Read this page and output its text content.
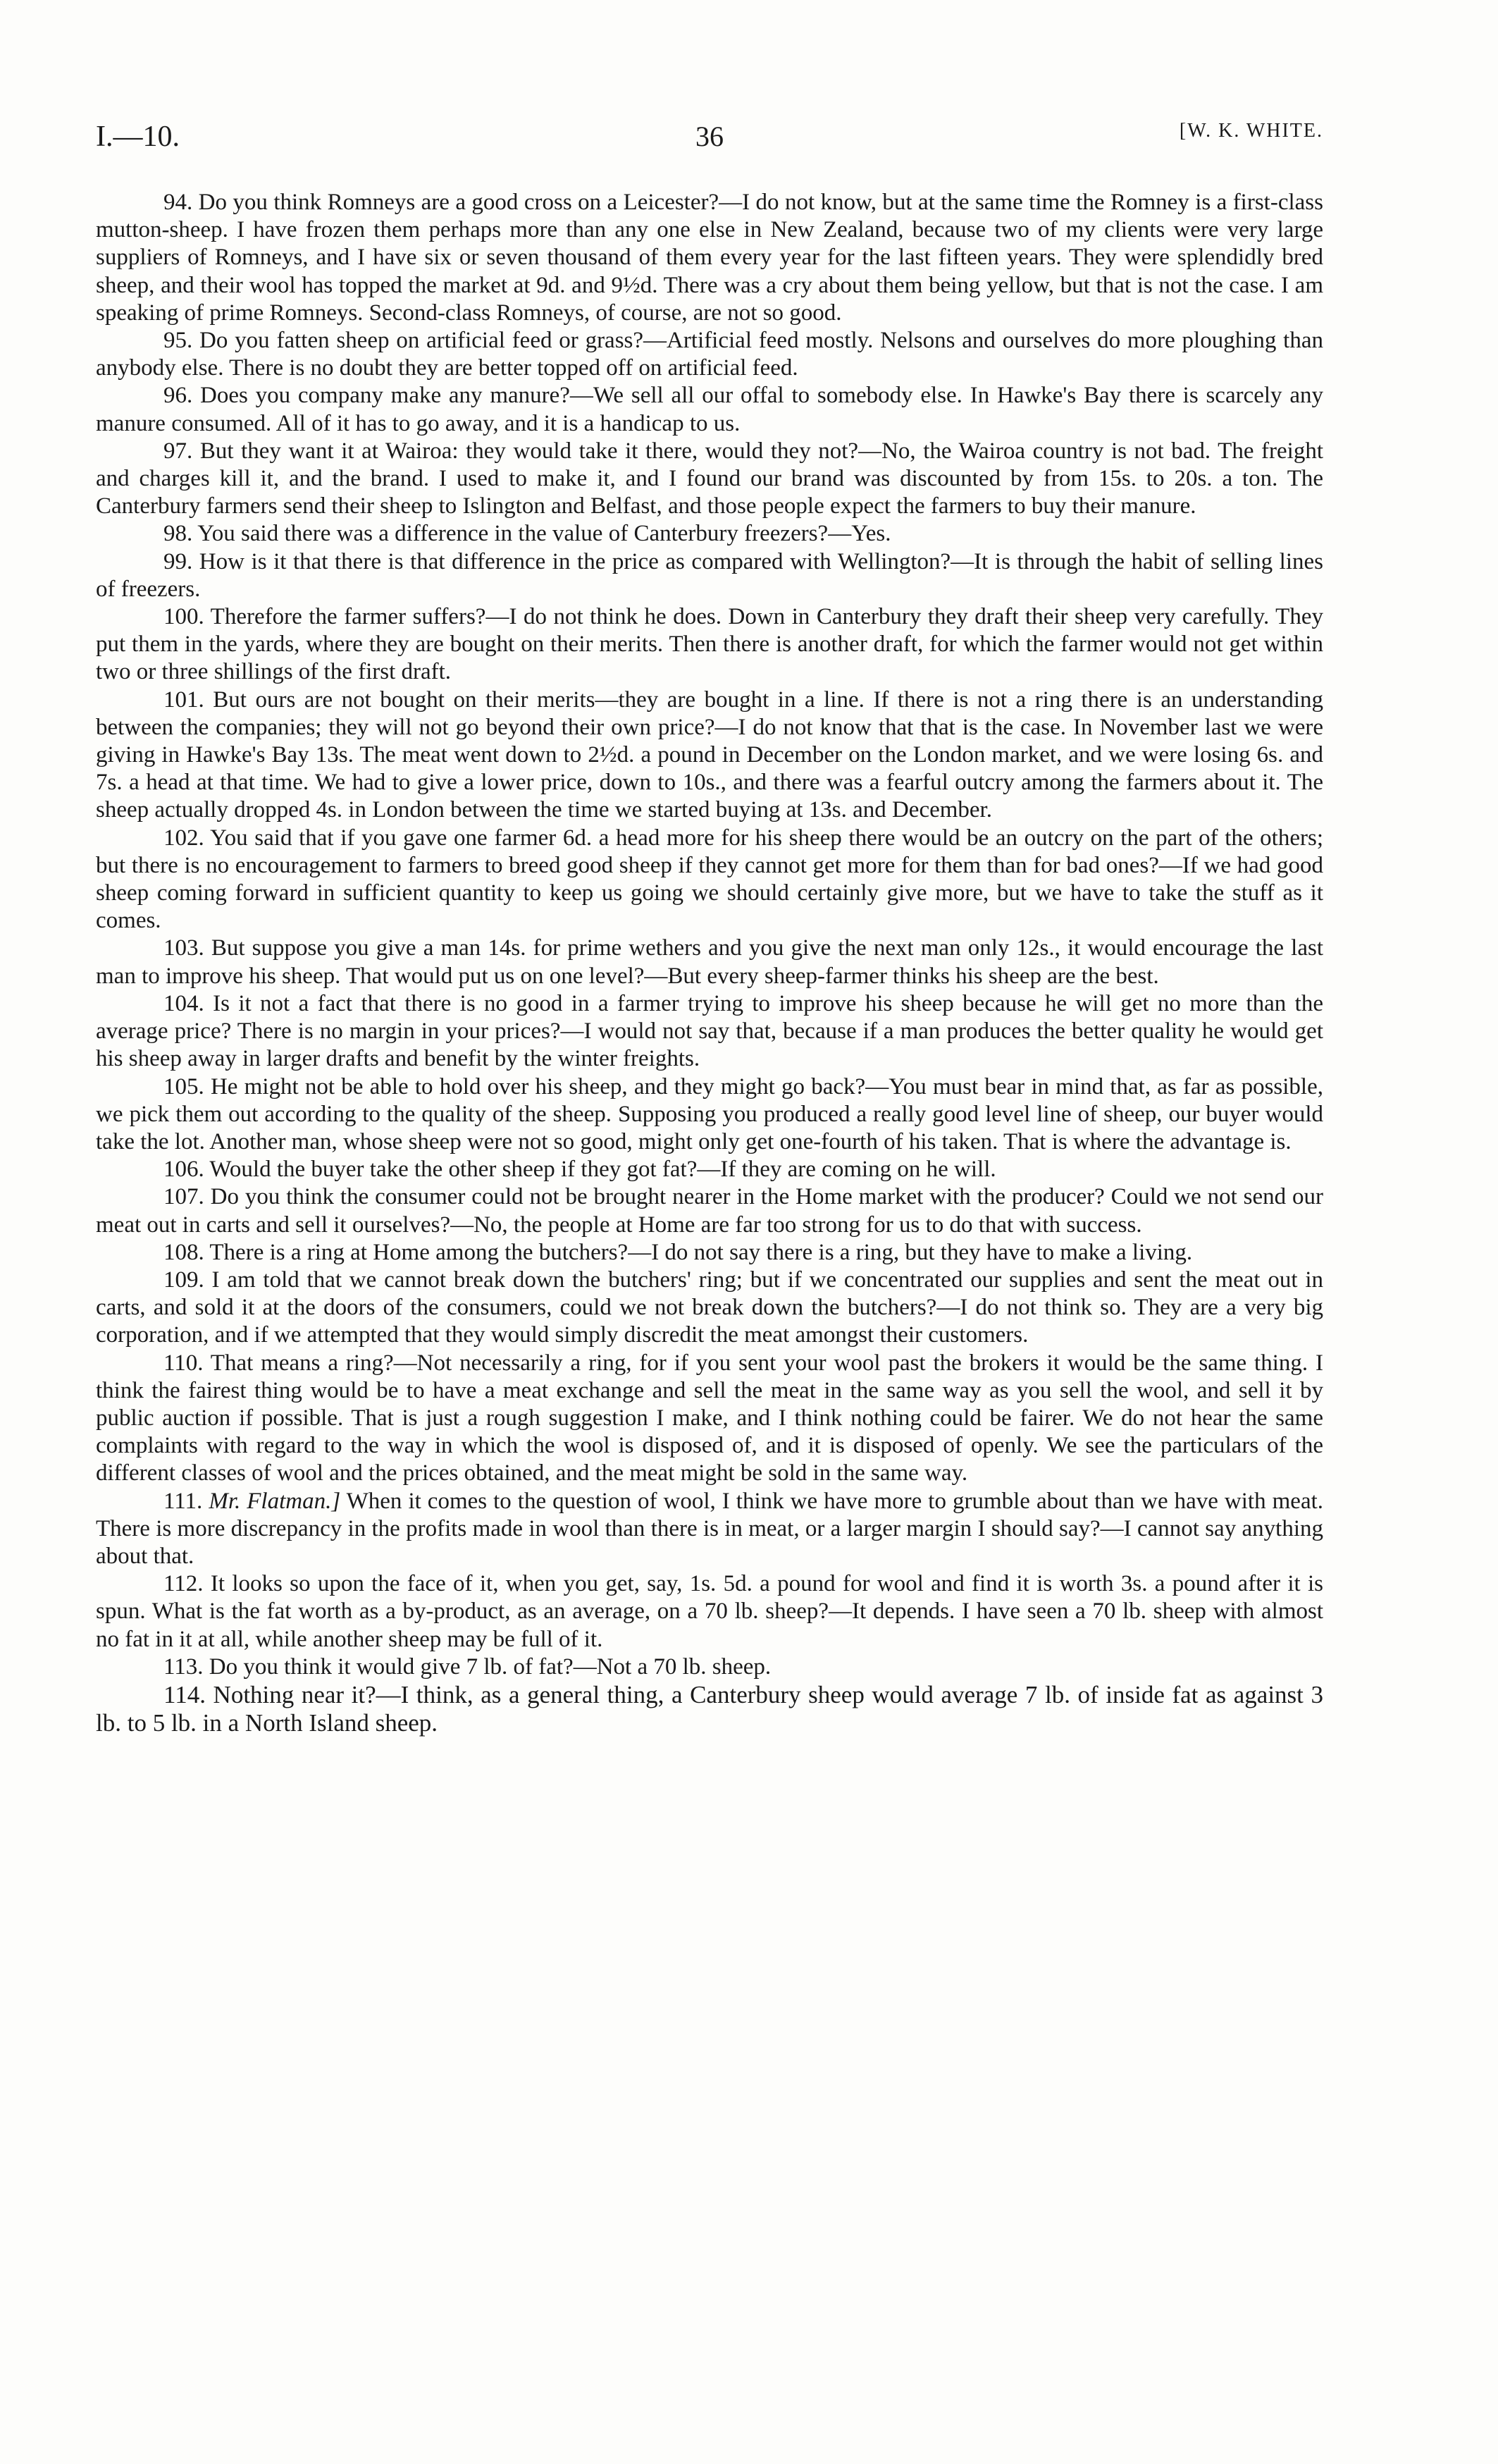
I.—10.	36	[W. K. WHITE.

94. Do you think Romneys are a good cross on a Leicester?—I do not know, but at the same time the Romney is a first-class mutton-sheep. I have frozen them perhaps more than any one else in New Zealand, because two of my clients were very large suppliers of Romneys, and I have six or seven thousand of them every year for the last fifteen years. They were splendidly bred sheep, and their wool has topped the market at 9d. and 9½d. There was a cry about them being yellow, but that is not the case. I am speaking of prime Romneys. Second-class Romneys, of course, are not so good.

95. Do you fatten sheep on artificial feed or grass?—Artificial feed mostly. Nelsons and ourselves do more ploughing than anybody else. There is no doubt they are better topped off on artificial feed.

96. Does you company make any manure?—We sell all our offal to somebody else. In Hawke's Bay there is scarcely any manure consumed. All of it has to go away, and it is a handicap to us.

97. But they want it at Wairoa: they would take it there, would they not?—No, the Wairoa country is not bad. The freight and charges kill it, and the brand. I used to make it, and I found our brand was discounted by from 15s. to 20s. a ton. The Canterbury farmers send their sheep to Islington and Belfast, and those people expect the farmers to buy their manure.

98. You said there was a difference in the value of Canterbury freezers?—Yes.

99. How is it that there is that difference in the price as compared with Wellington?—It is through the habit of selling lines of freezers.

100. Therefore the farmer suffers?—I do not think he does. Down in Canterbury they draft their sheep very carefully. They put them in the yards, where they are bought on their merits. Then there is another draft, for which the farmer would not get within two or three shillings of the first draft.

101. But ours are not bought on their merits—they are bought in a line. If there is not a ring there is an understanding between the companies; they will not go beyond their own price?—I do not know that that is the case. In November last we were giving in Hawke's Bay 13s. The meat went down to 2½d. a pound in December on the London market, and we were losing 6s. and 7s. a head at that time. We had to give a lower price, down to 10s., and there was a fearful outcry among the farmers about it. The sheep actually dropped 4s. in London between the time we started buying at 13s. and December.

102. You said that if you gave one farmer 6d. a head more for his sheep there would be an outcry on the part of the others; but there is no encouragement to farmers to breed good sheep if they cannot get more for them than for bad ones?—If we had good sheep coming forward in sufficient quantity to keep us going we should certainly give more, but we have to take the stuff as it comes.

103. But suppose you give a man 14s. for prime wethers and you give the next man only 12s., it would encourage the last man to improve his sheep. That would put us on one level?—But every sheep-farmer thinks his sheep are the best.

104. Is it not a fact that there is no good in a farmer trying to improve his sheep because he will get no more than the average price? There is no margin in your prices?—I would not say that, because if a man produces the better quality he would get his sheep away in larger drafts and benefit by the winter freights.

105. He might not be able to hold over his sheep, and they might go back?—You must bear in mind that, as far as possible, we pick them out according to the quality of the sheep. Supposing you produced a really good level line of sheep, our buyer would take the lot. Another man, whose sheep were not so good, might only get one-fourth of his taken. That is where the advantage is.

106. Would the buyer take the other sheep if they got fat?—If they are coming on he will.

107. Do you think the consumer could not be brought nearer in the Home market with the producer? Could we not send our meat out in carts and sell it ourselves?—No, the people at Home are far too strong for us to do that with success.

108. There is a ring at Home among the butchers?—I do not say there is a ring, but they have to make a living.

109. I am told that we cannot break down the butchers' ring; but if we concentrated our supplies and sent the meat out in carts, and sold it at the doors of the consumers, could we not break down the butchers?—I do not think so. They are a very big corporation, and if we attempted that they would simply discredit the meat amongst their customers.

110. That means a ring?—Not necessarily a ring, for if you sent your wool past the brokers it would be the same thing. I think the fairest thing would be to have a meat exchange and sell the meat in the same way as you sell the wool, and sell it by public auction if possible. That is just a rough suggestion I make, and I think nothing could be fairer. We do not hear the same complaints with regard to the way in which the wool is disposed of, and it is disposed of openly. We see the particulars of the different classes of wool and the prices obtained, and the meat might be sold in the same way.

111. Mr. Flatman.] When it comes to the question of wool, I think we have more to grumble about than we have with meat. There is more discrepancy in the profits made in wool than there is in meat, or a larger margin I should say?—I cannot say anything about that.

112. It looks so upon the face of it, when you get, say, 1s. 5d. a pound for wool and find it is worth 3s. a pound after it is spun. What is the fat worth as a by-product, as an average, on a 70 lb. sheep?—It depends. I have seen a 70 lb. sheep with almost no fat in it at all, while another sheep may be full of it.

113. Do you think it would give 7 lb. of fat?—Not a 70 lb. sheep.

114. Nothing near it?—I think, as a general thing, a Canterbury sheep would average 7 lb. of inside fat as against 3 lb. to 5 lb. in a North Island sheep.
